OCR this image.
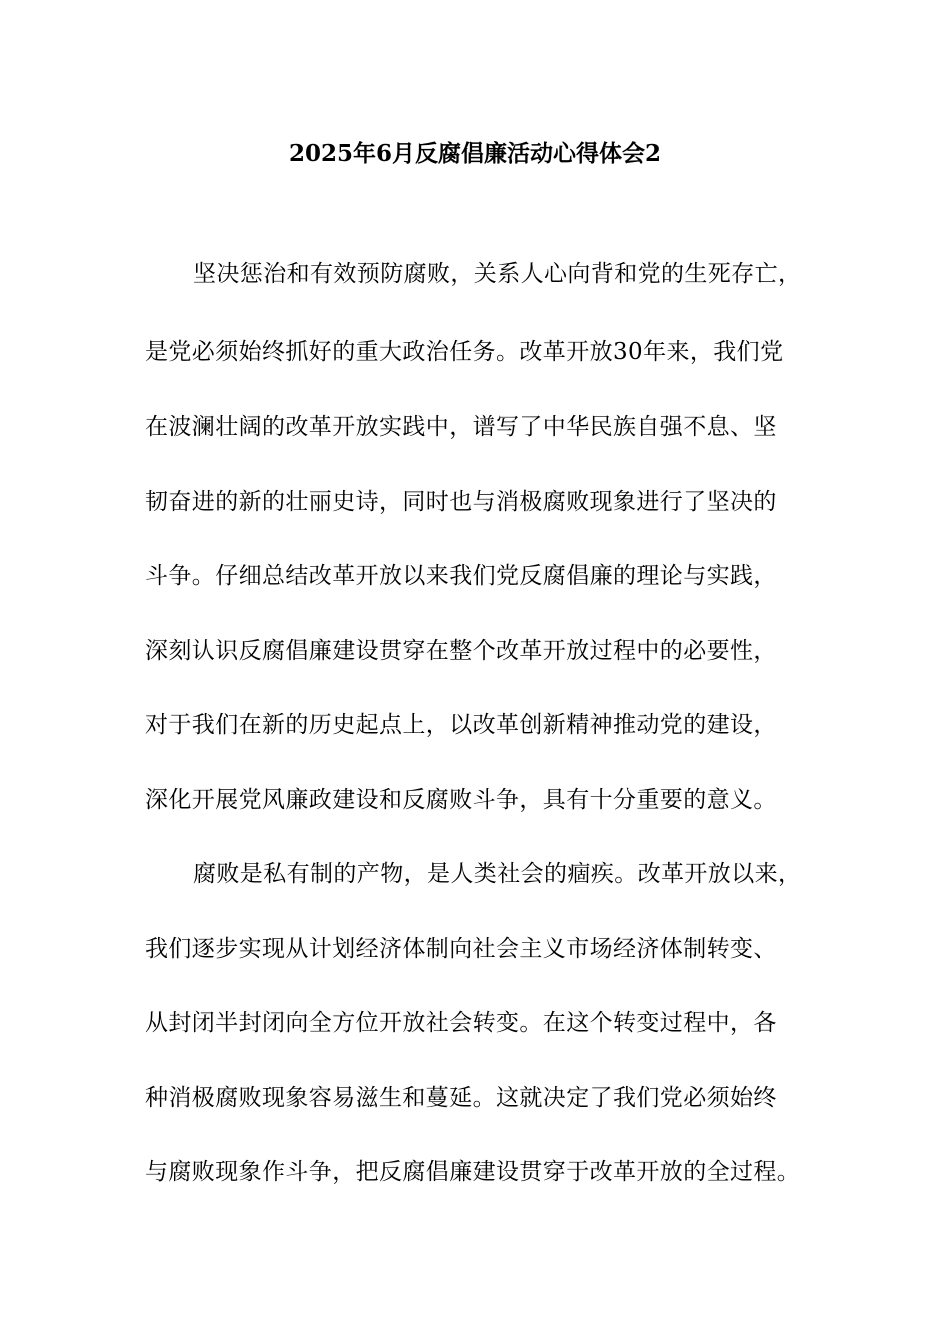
2025年6月反腐倡廉活动心得体会2
坚决惩治和有效预防腐败，关系人心向背和党的生死存亡，
是党必须始终抓好的重大政治任务。改革开放30年来，我们党
在波澜壮阔的改革开放实践中，谱写了中华民族自强不息、坚
韧奋进的新的壮丽史诗，同时也与消极腐败现象进行了坚决的
斗争。仔细总结改革开放以来我们党反腐倡廉的理论与实践，
深刻认识反腐倡廉建设贯穿在整个改革开放过程中的必要性，
对于我们在新的历史起点上，以改革创新精神推动党的建设，
深化开展党风廉政建设和反腐败斗争，具有十分重要的意义。
腐败是私有制的产物，是人类社会的痼疾。改革开放以来，
我们逐步实现从计划经济体制向社会主义市场经济体制转变、
从封闭半封闭向全方位开放社会转变。在这个转变过程中，各
种消极腐败现象容易滋生和蔓延。这就决定了我们党必须始终
与腐败现象作斗争，把反腐倡廉建设贯穿于改革开放的全过程。
